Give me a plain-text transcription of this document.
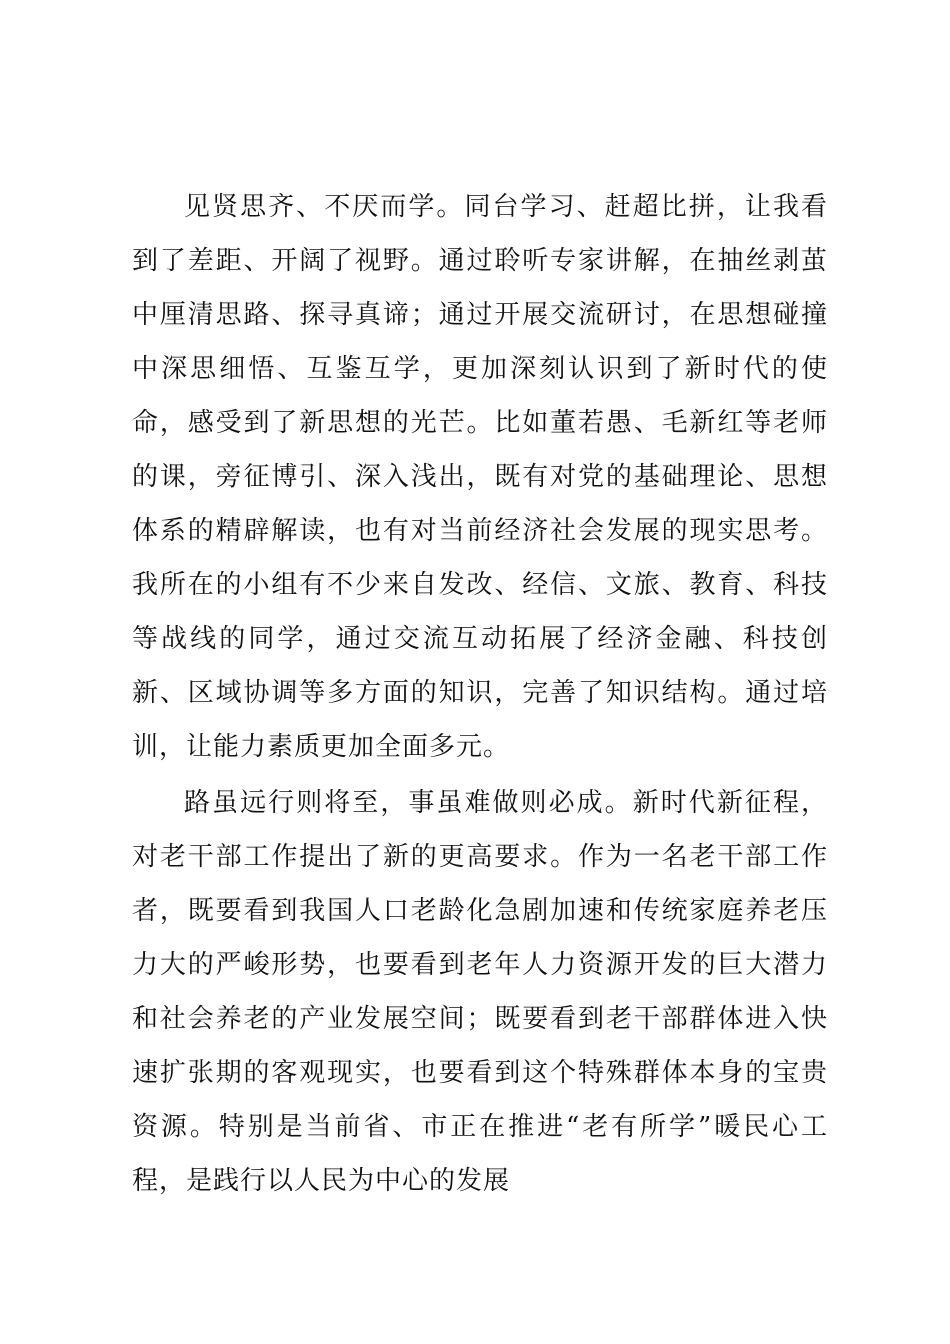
见贤思齐、不厌而学。同台学习、赶超比拼，让我看到了差距、开阔了视野。通过聆听专家讲解，在抽丝剥茧中厘清思路、探寻真谛；通过开展交流研讨，在思想碰撞中深思细悟、互鉴互学，更加深刻认识到了新时代的使命，感受到了新思想的光芒。比如董若愚、毛新红等老师的课，旁征博引、深入浅出，既有对党的基础理论、思想体系的精辟解读，也有对当前经济社会发展的现实思考。我所在的小组有不少来自发改、经信、文旅、教育、科技等战线的同学，通过交流互动拓展了经济金融、科技创新、区域协调等多方面的知识，完善了知识结构。通过培训，让能力素质更加全面多元。

路虽远行则将至，事虽难做则必成。新时代新征程，对老干部工作提出了新的更高要求。作为一名老干部工作者，既要看到我国人口老龄化急剧加速和传统家庭养老压力大的严峻形势，也要看到老年人力资源开发的巨大潜力和社会养老的产业发展空间；既要看到老干部群体进入快速扩张期的客观现实，也要看到这个特殊群体本身的宝贵资源。特别是当前省、市正在推进“老有所学”暖民心工程，是践行以人民为中心的发展
